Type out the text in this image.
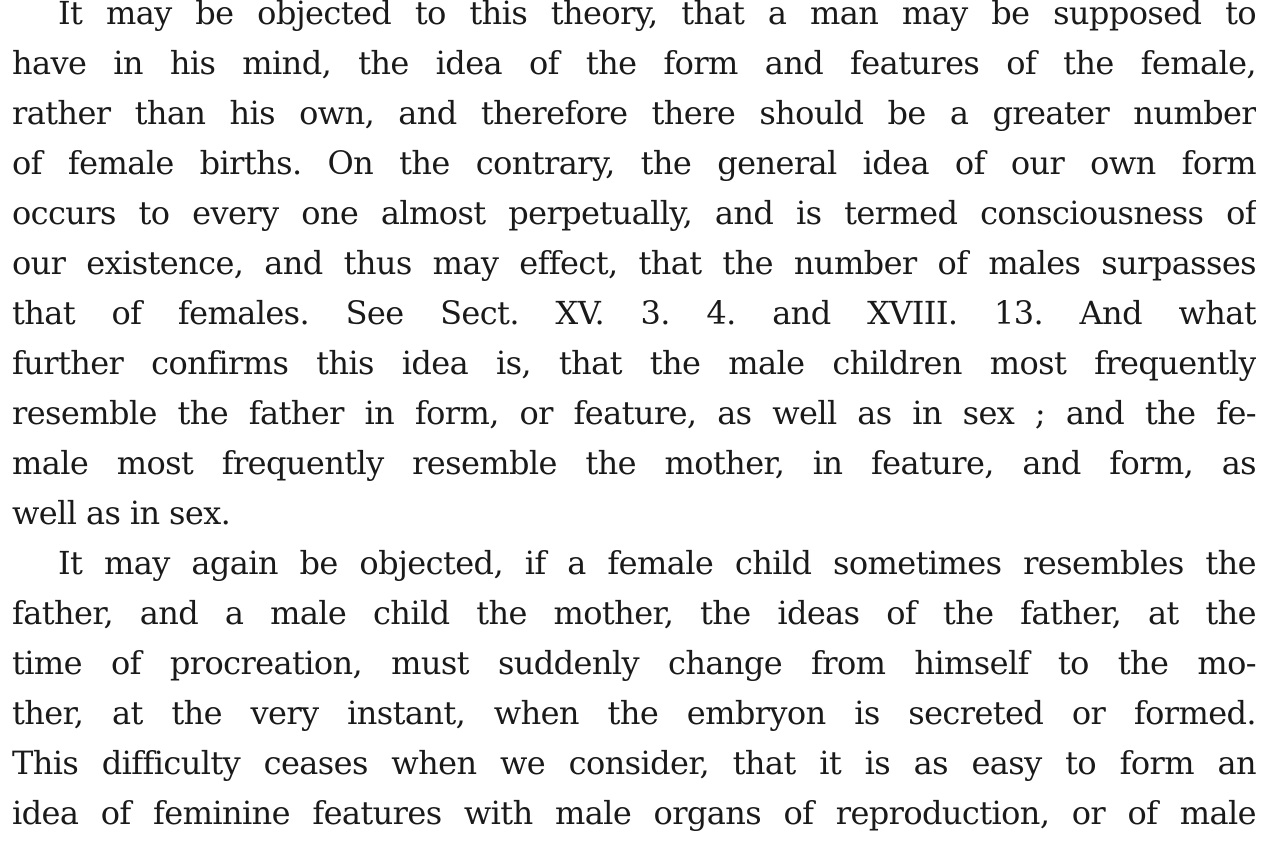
It may be objected to this theory, that a man may be supposed to
have in his mind, the idea of the form and features of the female,
rather than his own, and therefore there should be a greater number
of female births. On the contrary, the general idea of our own form
occurs to every one almost perpetually, and is termed consciousness of
our existence, and thus may effect, that the number of males surpasses
that of females. See Sect. XV. 3. 4. and XVIII. 13. And what
further confirms this idea is, that the male children most frequently
resemble the father in form, or feature, as well as in sex ; and the fe-
male most frequently resemble the mother, in feature, and form, as
well as in sex.
It may again be objected, if a female child sometimes resembles the
father, and a male child the mother, the ideas of the father, at the
time of procreation, must suddenly change from himself to the mo-
ther, at the very instant, when the embryon is secreted or formed.
This difficulty ceases when we consider, that it is as easy to form an
idea of feminine features with male organs of reproduction, or of male
